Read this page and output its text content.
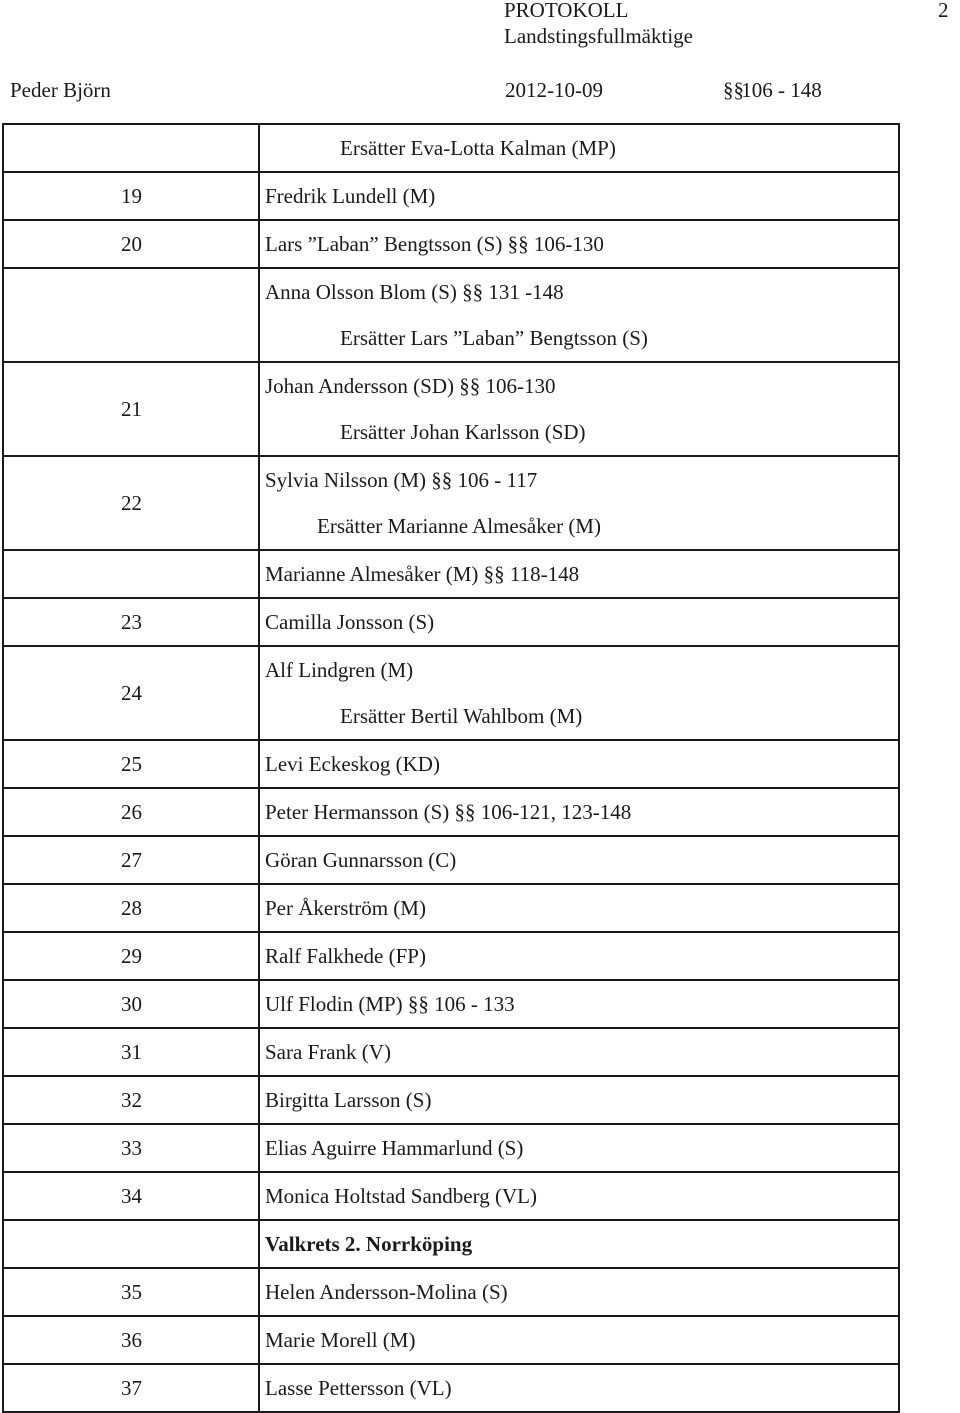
PROTOKOLL	2
Landstingsfullmäktige
Peder Björn	2012-10-09	§§ 106 - 148

	Ersätter Eva-Lotta Kalman (MP)

19	Fredrik Lundell (M)

20	Lars ”Laban” Bengtsson (S) §§ 106-130

	Anna Olsson Blom (S) §§ 131 -148
Ersätter Lars ”Laban” Bengtsson (S)

21	Johan Andersson (SD) §§ 106-130
Ersätter Johan Karlsson (SD)

22	Sylvia Nilsson (M) §§ 106 - 117
Ersätter Marianne Almesåker (M)

	Marianne Almesåker (M) §§ 118-148

23	Camilla Jonsson (S)

24	Alf Lindgren (M)
Ersätter Bertil Wahlbom (M)

25	Levi Eckeskog (KD)

26	Peter Hermansson (S) §§ 106-121, 123-148

27	Göran Gunnarsson (C)

28	Per Åkerström (M)

29	Ralf Falkhede (FP)

30	Ulf Flodin (MP) §§ 106 - 133

31	Sara Frank (V)

32	Birgitta Larsson (S)

33	Elias Aguirre Hammarlund (S)

34	Monica Holtstad Sandberg (VL)

	Valkrets 2. Norrköping

35	Helen Andersson-Molina (S)

36	Marie Morell (M)

37	Lasse Pettersson (VL)
